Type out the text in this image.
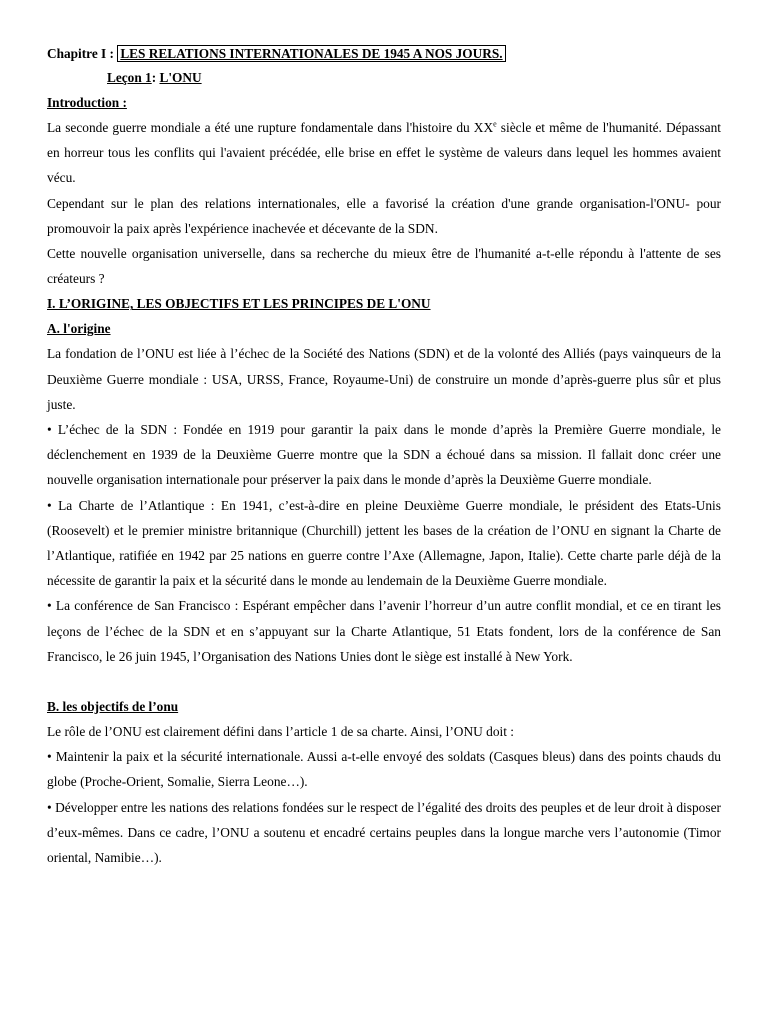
Chapitre I : LES RELATIONS INTERNATIONALES DE 1945 A NOS JOURS.
Leçon 1: L'ONU
Introduction :

La seconde guerre mondiale a été une rupture fondamentale dans l'histoire du XXe siècle et même de l'humanité. Dépassant en horreur tous les conflits qui l'avaient précédée, elle brise en effet le système de valeurs dans lequel les hommes avaient vécu.

Cependant sur le plan des relations internationales, elle a favorisé la création d'une grande organisation-l'ONU- pour promouvoir la paix après l'expérience inachevée et décevante de la SDN.

Cette nouvelle organisation universelle, dans sa recherche du mieux être de l'humanité a-t-elle répondu à l'attente de ses créateurs ?

I. L’ORIGINE, LES OBJECTIFS ET LES PRINCIPES DE L'ONU
A. l'origine

La fondation de l’ONU est liée à l’échec de la Société des Nations (SDN) et de la volonté des Alliés (pays vainqueurs de la Deuxième Guerre mondiale : USA, URSS, France, Royaume-Uni) de construire un monde d’après-guerre plus sûr et plus juste.

• L’échec de la SDN : Fondée en 1919 pour garantir la paix dans le monde d’après la Première Guerre mondiale, le déclenchement en 1939 de la Deuxième Guerre montre que la SDN a échoué dans sa mission. Il fallait donc créer une nouvelle organisation internationale pour préserver la paix dans le monde d’après la Deuxième Guerre mondiale.

• La Charte de l’Atlantique : En 1941, c’est-à-dire en pleine Deuxième Guerre mondiale, le président des Etats-Unis (Roosevelt) et le premier ministre britannique (Churchill) jettent les bases de la création de l’ONU en signant la Charte de l’Atlantique, ratifiée en 1942 par 25 nations en guerre contre l’Axe (Allemagne, Japon, Italie). Cette charte parle déjà de la nécessite de garantir la paix et la sécurité dans le monde au lendemain de la Deuxième Guerre mondiale.

• La conférence de San Francisco : Espérant empêcher dans l’avenir l’horreur d’un autre conflit mondial, et ce en tirant les leçons de l’échec de la SDN et en s’appuyant sur la Charte Atlantique, 51 Etats fondent, lors de la conférence de San Francisco, le 26 juin 1945, l’Organisation des Nations Unies dont le siège est installé à New York.

B. les objectifs de l’onu

Le rôle de l’ONU est clairement défini dans l’article 1 de sa charte. Ainsi, l’ONU doit :

• Maintenir la paix et la sécurité internationale. Aussi a-t-elle envoyé des soldats (Casques bleus) dans des points chauds du globe (Proche-Orient, Somalie, Sierra Leone…).

• Développer entre les nations des relations fondées sur le respect de l’égalité des droits des peuples et de leur droit à disposer d’eux-mêmes. Dans ce cadre, l’ONU a soutenu et encadré certains peuples dans la longue marche vers l’autonomie (Timor oriental, Namibie…).
